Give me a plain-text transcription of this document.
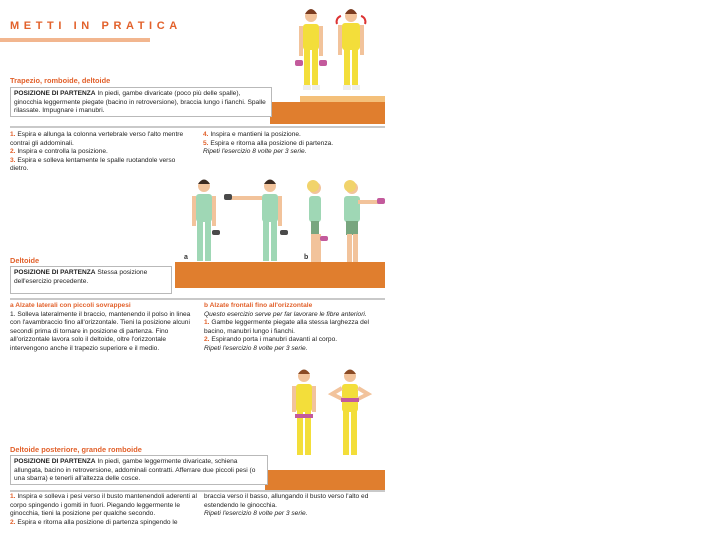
METTI IN PRATICA
Trapezio, romboide, deltoide
POSIZIONE DI PARTENZA In piedi, gambe divaricate (poco più delle spalle), ginocchia leggermente piegate (bacino in retroversione), braccia lungo i fianchi. Spalle rilassate. Impugnare i manubri.

1. Espira e allunga la colonna vertebrale verso l'alto mentre contrai gli addominali.

2. Inspira e controlla la posizione.

3. Espira e solleva lentamente le spalle ruotandole verso dietro.

4. Inspira e mantieni la posizione.

5. Espira e ritorna alla posizione di partenza.

Ripeti l'esercizio 8 volte per 3 serie.

a	b
Deltoide
POSIZIONE DI PARTENZA Stessa posizione dell'esercizio precedente.

a Alzate laterali con piccoli sovrappesi

1. Solleva lateralmente il braccio, mantenendo il polso in linea con l'avambraccio fino all'orizzontale. Tieni la posizione alcuni secondi prima di tornare in posizione di partenza. Fino all'orizzontale lavora solo il deltoide, oltre l'orizzontale intervengono anche il trapezio superiore e il medio.

b Alzate frontali fino all'orizzontale

Questo esercizio serve per far lavorare le fibre anteriori.

1. Gambe leggermente piegate alla stessa larghezza del bacino, manubri lungo i fianchi.

2. Espirando porta i manubri davanti al corpo.

Ripeti l'esercizio 8 volte per 3 serie.

Deltoide posteriore, grande romboide
POSIZIONE DI PARTENZA In piedi, gambe leggermente divaricate, schiena allungata, bacino in retroversione, addominali contratti. Afferrare due piccoli pesi (o una sbarra) e tenerli all'altezza delle cosce.

1. Inspira e solleva i pesi verso il busto mantenendoli aderenti al corpo spingendo i gomiti in fuori. Piegando leggermente le ginocchia, tieni la posizione per qualche secondo.

2. Espira e ritorna alla posizione di partenza spingendo le

braccia verso il basso, allungando il busto verso l'alto ed estendendo le ginocchia.

Ripeti l'esercizio 8 volte per 3 serie.
